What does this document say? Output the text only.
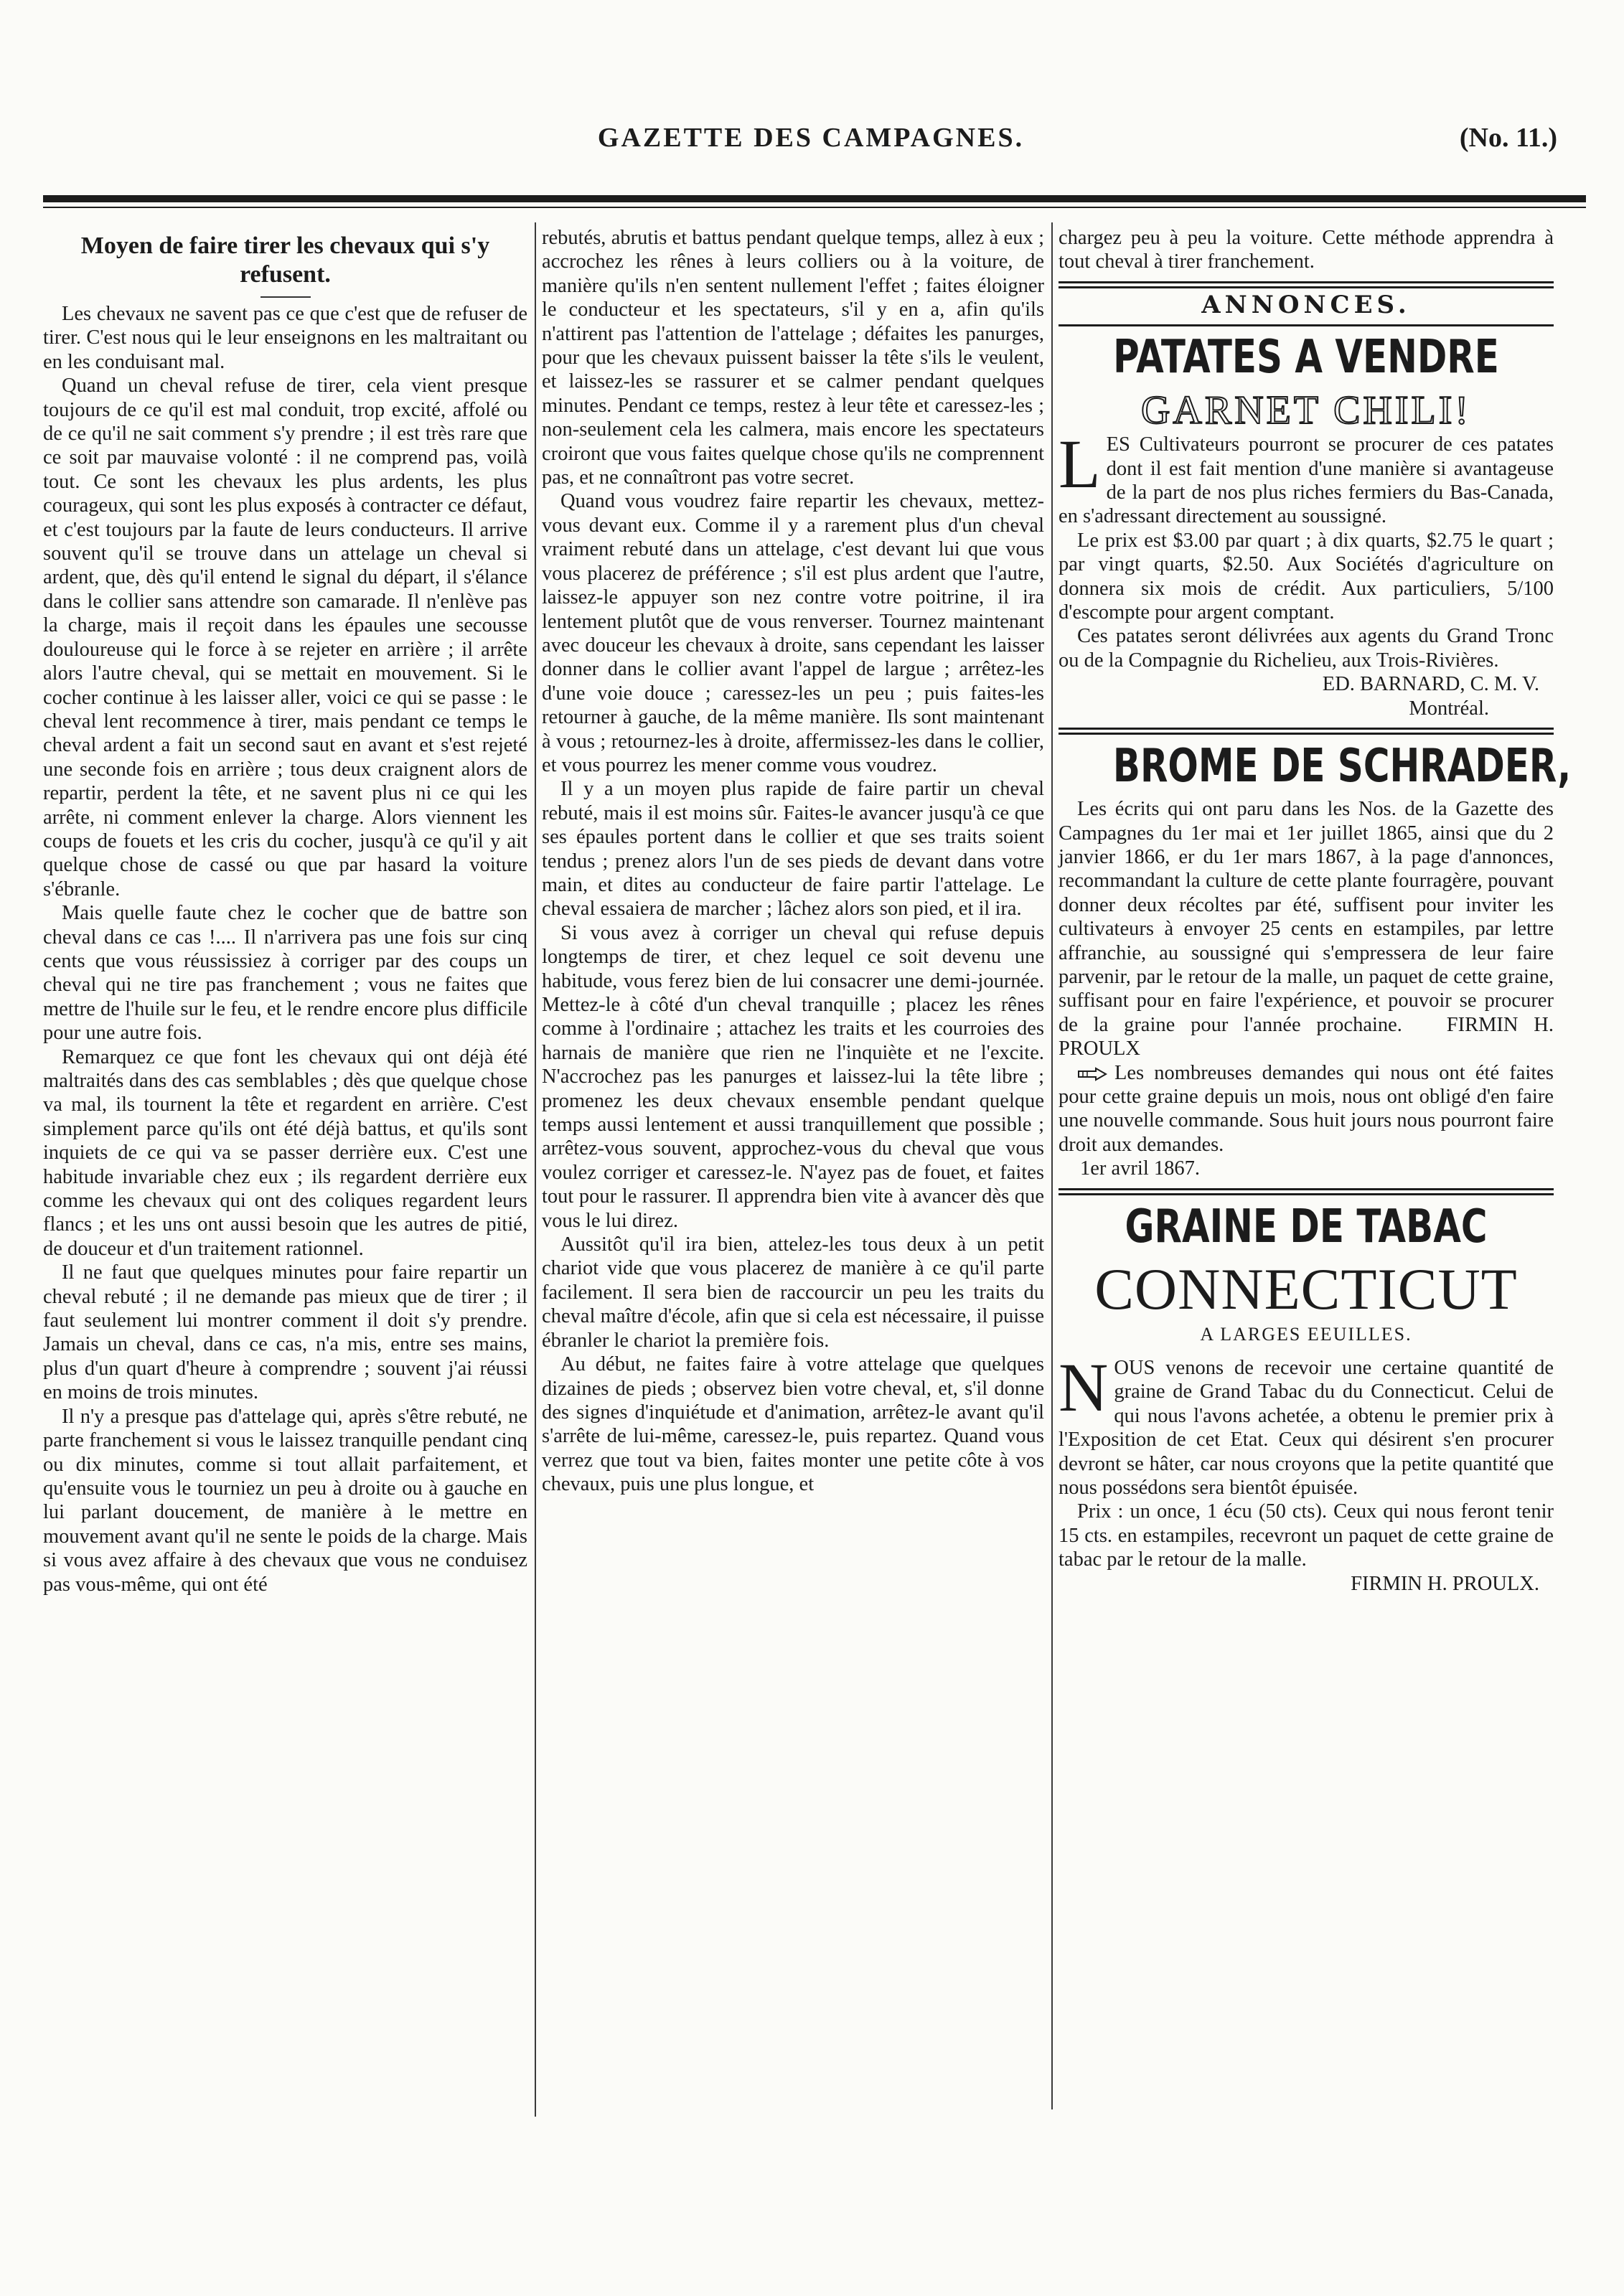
GAZETTE DES CAMPAGNES.	(No. 11.)
Moyen de faire tirer les chevaux qui s'y refusent.

Les chevaux ne savent pas ce que c'est que de refuser de tirer. C'est nous qui le leur enseignons en les maltraitant ou en les conduisant mal.

Quand un cheval refuse de tirer, cela vient presque toujours de ce qu'il est mal conduit, trop excité, affolé ou de ce qu'il ne sait comment s'y prendre ; il est très rare que ce soit par mauvaise volonté : il ne comprend pas, voilà tout. Ce sont les chevaux les plus ardents, les plus courageux, qui sont les plus exposés à contracter ce défaut, et c'est toujours par la faute de leurs conducteurs. Il arrive souvent qu'il se trouve dans un attelage un cheval si ardent, que, dès qu'il entend le signal du départ, il s'élance dans le collier sans attendre son camarade. Il n'enlève pas la charge, mais il reçoit dans les épaules une secousse douloureuse qui le force à se rejeter en arrière ; il arrête alors l'autre cheval, qui se mettait en mouvement. Si le cocher continue à les laisser aller, voici ce qui se passe : le cheval lent recommence à tirer, mais pendant ce temps le cheval ardent a fait un second saut en avant et s'est rejeté une seconde fois en arrière ; tous deux craignent alors de repartir, perdent la tête, et ne savent plus ni ce qui les arrête, ni comment enlever la charge. Alors viennent les coups de fouets et les cris du cocher, jusqu'à ce qu'il y ait quelque chose de cassé ou que par hasard la voiture s'ébranle.

Mais quelle faute chez le cocher que de battre son cheval dans ce cas !.... Il n'arrivera pas une fois sur cinq cents que vous réussissiez à corriger par des coups un cheval qui ne tire pas franchement ; vous ne faites que mettre de l'huile sur le feu, et le rendre encore plus difficile pour une autre fois.

Remarquez ce que font les chevaux qui ont déjà été maltraités dans des cas semblables ; dès que quelque chose va mal, ils tournent la tête et regardent en arrière. C'est simplement parce qu'ils ont été déjà battus, et qu'ils sont inquiets de ce qui va se passer derrière eux. C'est une habitude invariable chez eux ; ils regardent derrière eux comme les chevaux qui ont des coliques regardent leurs flancs ; et les uns ont aussi besoin que les autres de pitié, de douceur et d'un traitement rationnel.

Il ne faut que quelques minutes pour faire repartir un cheval rebuté ; il ne demande pas mieux que de tirer ; il faut seulement lui montrer comment il doit s'y prendre. Jamais un cheval, dans ce cas, n'a mis, entre ses mains, plus d'un quart d'heure à comprendre ; souvent j'ai réussi en moins de trois minutes.

Il n'y a presque pas d'attelage qui, après s'être rebuté, ne parte franchement si vous le laissez tranquille pendant cinq ou dix minutes, comme si tout allait parfaitement, et qu'ensuite vous le tourniez un peu à droite ou à gauche en lui parlant doucement, de manière à le mettre en mouvement avant qu'il ne sente le poids de la charge. Mais si vous avez affaire à des chevaux que vous ne conduisez pas vous-même, qui ont été

rebutés, abrutis et battus pendant quelque temps, allez à eux ; accrochez les rênes à leurs colliers ou à la voiture, de manière qu'ils n'en sentent nullement l'effet ; faites éloigner le conducteur et les spectateurs, s'il y en a, afin qu'ils n'attirent pas l'attention de l'attelage ; défaites les panurges, pour que les chevaux puissent baisser la tête s'ils le veulent, et laissez-les se rassurer et se calmer pendant quelques minutes. Pendant ce temps, restez à leur tête et caressez-les ; non-seulement cela les calmera, mais encore les spectateurs croiront que vous faites quelque chose qu'ils ne comprennent pas, et ne connaîtront pas votre secret.

Quand vous voudrez faire repartir les chevaux, mettez-vous devant eux. Comme il y a rarement plus d'un cheval vraiment rebuté dans un attelage, c'est devant lui que vous vous placerez de préférence ; s'il est plus ardent que l'autre, laissez-le appuyer son nez contre votre poitrine, il ira lentement plutôt que de vous renverser. Tournez maintenant avec douceur les chevaux à droite, sans cependant les laisser donner dans le collier avant l'appel de largue ; arrêtez-les d'une voie douce ; caressez-les un peu ; puis faites-les retourner à gauche, de la même manière. Ils sont maintenant à vous ; retournez-les à droite, affermissez-les dans le collier, et vous pourrez les mener comme vous voudrez.

Il y a un moyen plus rapide de faire partir un cheval rebuté, mais il est moins sûr. Faites-le avancer jusqu'à ce que ses épaules portent dans le collier et que ses traits soient tendus ; prenez alors l'un de ses pieds de devant dans votre main, et dites au conducteur de faire partir l'attelage. Le cheval essaiera de marcher ; lâchez alors son pied, et il ira.

Si vous avez à corriger un cheval qui refuse depuis longtemps de tirer, et chez lequel ce soit devenu une habitude, vous ferez bien de lui consacrer une demi-journée. Mettez-le à côté d'un cheval tranquille ; placez les rênes comme à l'ordinaire ; attachez les traits et les courroies des harnais de manière que rien ne l'inquiète et ne l'excite. N'accrochez pas les panurges et laissez-lui la tête libre ; promenez les deux chevaux ensemble pendant quelque temps aussi lentement et aussi tranquillement que possible ; arrêtez-vous souvent, approchez-vous du cheval que vous voulez corriger et caressez-le. N'ayez pas de fouet, et faites tout pour le rassurer. Il apprendra bien vite à avancer dès que vous le lui direz.

Aussitôt qu'il ira bien, attelez-les tous deux à un petit chariot vide que vous placerez de manière à ce qu'il parte facilement. Il sera bien de raccourcir un peu les traits du cheval maître d'école, afin que si cela est nécessaire, il puisse ébranler le chariot la première fois.

Au début, ne faites faire à votre attelage que quelques dizaines de pieds ; observez bien votre cheval, et, s'il donne des signes d'inquiétude et d'animation, arrêtez-le avant qu'il s'arrête de lui-même, caressez-le, puis repartez. Quand vous verrez que tout va bien, faites monter une petite côte à vos chevaux, puis une plus longue, et

chargez peu à peu la voiture. Cette méthode apprendra à tout cheval à tirer franchement.

ANNONCES.
PATATES A VENDRE
GARNET CHILI!

LES Cultivateurs pourront se procurer de ces patates dont il est fait mention d'une manière si avantageuse de la part de nos plus riches fermiers du Bas-Canada, en s'adressant directement au soussigné.

Le prix est $3.00 par quart ; à dix quarts, $2.75 le quart ; par vingt quarts, $2.50. Aux Sociétés d'agriculture on donnera six mois de crédit. Aux particuliers, 5/100 d'escompte pour argent comptant.

Ces patates seront délivrées aux agents du Grand Tronc ou de la Compagnie du Richelieu, aux Trois-Rivières.

ED. BARNARD, C. M. V.
Montréal.
BROME DE SCHRADER,

Les écrits qui ont paru dans les Nos. de la Gazette des Campagnes du 1er mai et 1er juillet 1865, ainsi que du 2 janvier 1866, er du 1er mars 1867, à la page d'annonces, recommandant la culture de cette plante fourragère, pouvant donner deux récoltes par été, suffisent pour inviter les cultivateurs à envoyer 25 cents en estampiles, par lettre affranchie, au soussigné qui s'empressera de leur faire parvenir, par le retour de la malle, un paquet de cette graine, suffisant pour en faire l'expérience, et pouvoir se procurer de la graine pour l'année prochaine. FIRMIN H. PROULX

Les nombreuses demandes qui nous ont été faites pour cette graine depuis un mois, nous ont obligé d'en faire une nouvelle commande. Sous huit jours nous pourront faire droit aux demandes.

1er avril 1867.
GRAINE DE TABAC
CONNECTICUT
A LARGES EEUILLES.

NOUS venons de recevoir une certaine quantité de graine de Grand Tabac du du Connecticut. Celui de qui nous l'avons achetée, a obtenu le premier prix à l'Exposition de cet Etat. Ceux qui désirent s'en procurer devront se hâter, car nous croyons que la petite quantité que nous possédons sera bientôt épuisée.

Prix : un once, 1 écu (50 cts). Ceux qui nous feront tenir 15 cts. en estampiles, recevront un paquet de cette graine de tabac par le retour de la malle.

FIRMIN H. PROULX.
